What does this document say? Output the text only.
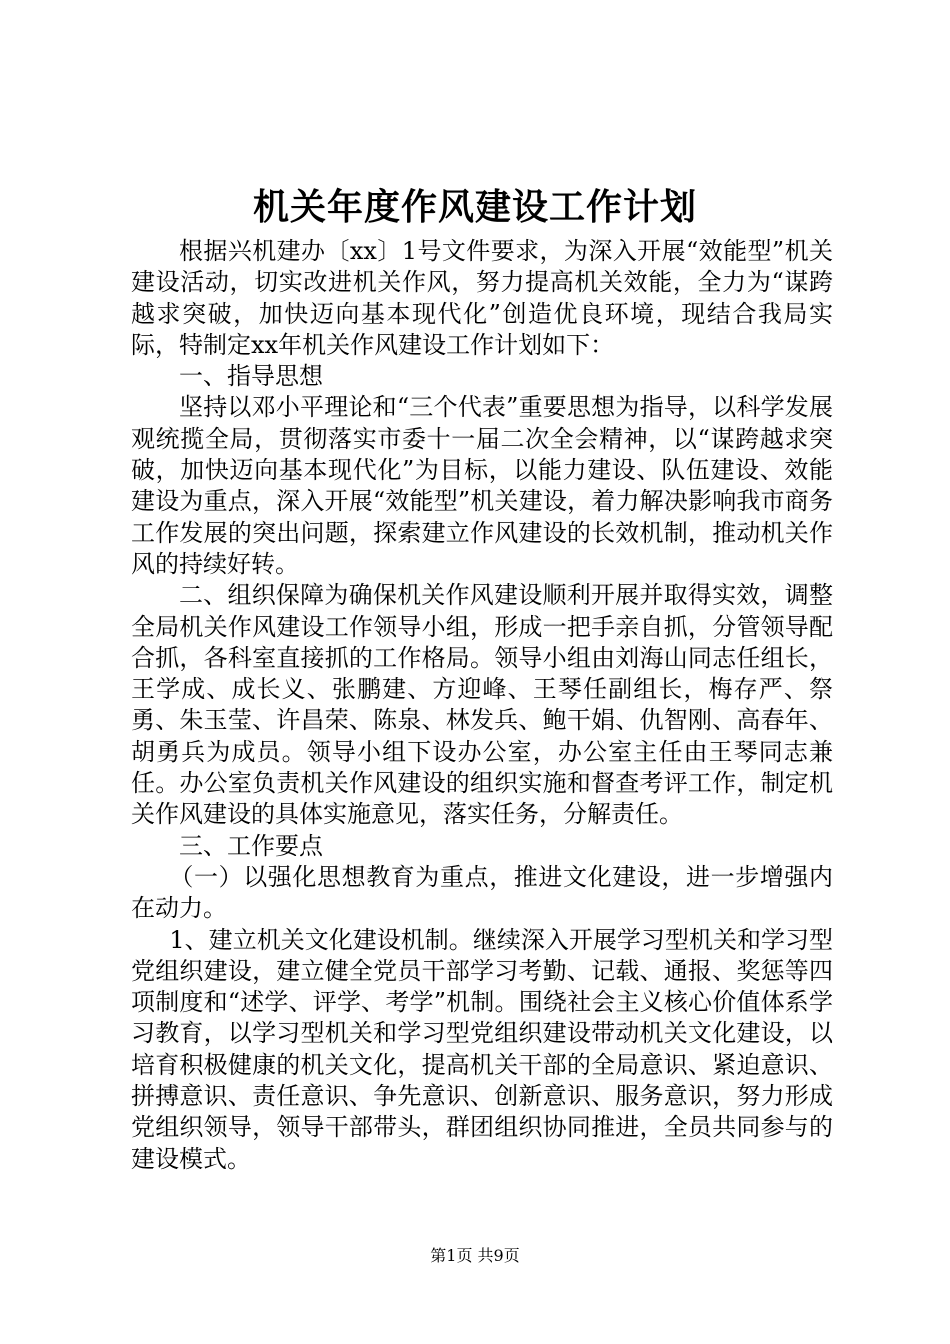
机关年度作风建设工作计划

根据兴机建办〔xx〕1号文件要求，为深入开展“效能型”机关建设活动，切实改进机关作风，努力提高机关效能，全力为“谋跨越求突破，加快迈向基本现代化”创造优良环境，现结合我局实际，特制定xx年机关作风建设工作计划如下：

一、指导思想

坚持以邓小平理论和“三个代表”重要思想为指导，以科学发展观统揽全局，贯彻落实市委十一届二次全会精神，以“谋跨越求突破，加快迈向基本现代化”为目标，以能力建设、队伍建设、效能建设为重点，深入开展“效能型”机关建设，着力解决影响我市商务工作发展的突出问题，探索建立作风建设的长效机制，推动机关作风的持续好转。

二、组织保障为确保机关作风建设顺利开展并取得实效，调整全局机关作风建设工作领导小组，形成一把手亲自抓，分管领导配合抓，各科室直接抓的工作格局。领导小组由刘海山同志任组长，王学成、成长义、张鹏建、方迎峰、王琴任副组长，梅存严、祭勇、朱玉莹、许昌荣、陈泉、林发兵、鲍干娟、仇智刚、高春年、胡勇兵为成员。领导小组下设办公室，办公室主任由王琴同志兼任。办公室负责机关作风建设的组织实施和督查考评工作，制定机关作风建设的具体实施意见，落实任务，分解责任。

三、工作要点

（一）以强化思想教育为重点，推进文化建设，进一步增强内在动力。

1、建立机关文化建设机制。继续深入开展学习型机关和学习型党组织建设，建立健全党员干部学习考勤、记载、通报、奖惩等四项制度和“述学、评学、考学”机制。围绕社会主义核心价值体系学习教育，以学习型机关和学习型党组织建设带动机关文化建设，以培育积极健康的机关文化，提高机关干部的全局意识、紧迫意识、拼搏意识、责任意识、争先意识、创新意识、服务意识，努力形成党组织领导，领导干部带头，群团组织协同推进，全员共同参与的建设模式。

第1页 共9页
